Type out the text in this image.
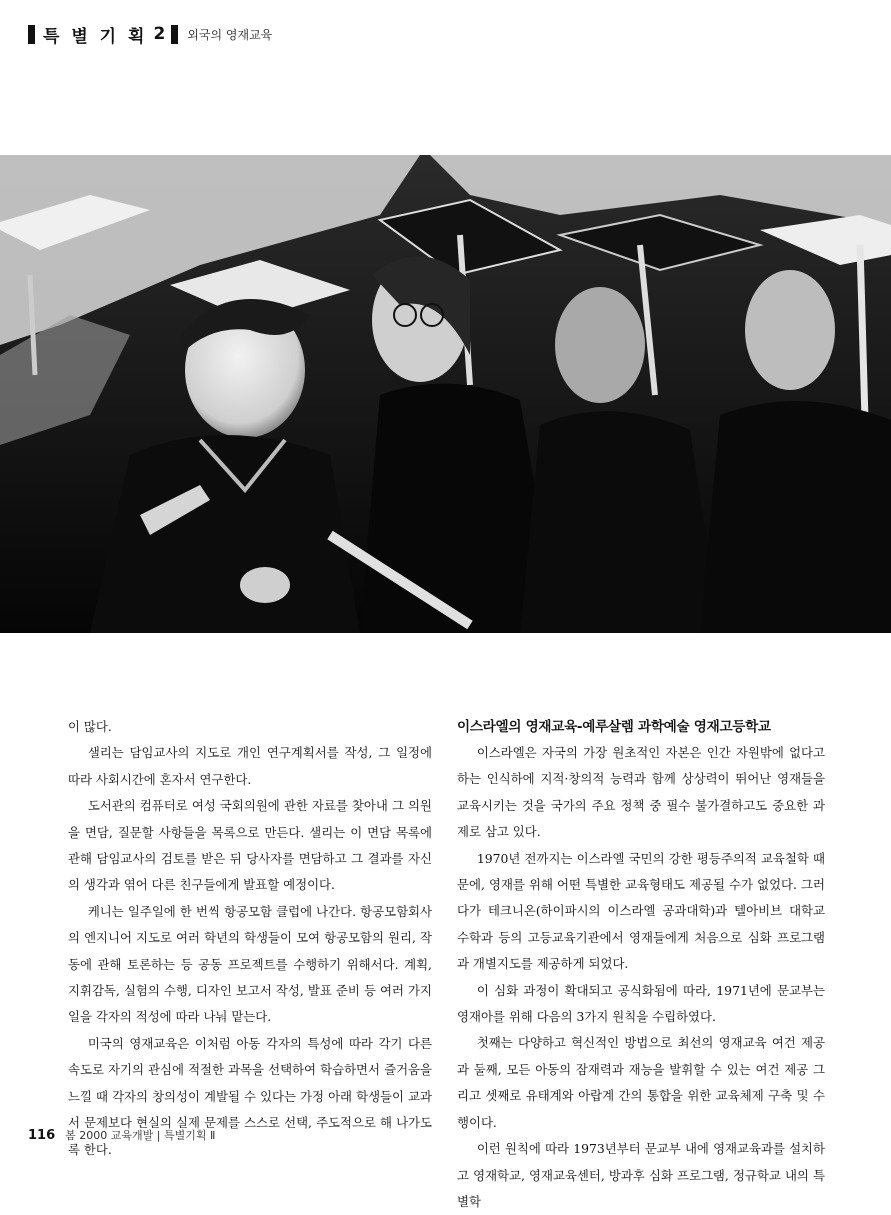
특 별 기 획 2 외국의 영재교육

이 많다.

샐리는 담임교사의 지도로 개인 연구계획서를 작성, 그 일정에 따라 사회시간에 혼자서 연구한다.

도서관의 컴퓨터로 여성 국회의원에 관한 자료를 찾아내 그 의원을 면담, 질문할 사항들을 목록으로 만든다. 샐리는 이 면담 목록에 관해 담임교사의 검토를 받은 뒤 당사자를 면담하고 그 결과를 자신의 생각과 엮어 다른 친구들에게 발표할 예정이다.

케니는 일주일에 한 번씩 항공모함 클럽에 나간다. 항공모함회사의 엔지니어 지도로 여러 학년의 학생들이 모여 항공모함의 원리, 작동에 관해 토론하는 등 공동 프로젝트를 수행하기 위해서다. 계획, 지휘감독, 실험의 수행, 디자인 보고서 작성, 발표 준비 등 여러 가지 일을 각자의 적성에 따라 나눠 맡는다.

미국의 영재교육은 이처럼 아동 각자의 특성에 따라 각기 다른 속도로 자기의 관심에 적절한 과목을 선택하여 학습하면서 즐거움을 느낄 때 각자의 창의성이 계발될 수 있다는 가정 아래 학생들이 교과서 문제보다 현실의 실제 문제를 스스로 선택, 주도적으로 해 나가도록 한다.

이스라엘의 영재교육-예루살렘 과학예술 영재고등학교

이스라엘은 자국의 가장 원초적인 자본은 인간 자원밖에 없다고 하는 인식하에 지적·창의적 능력과 함께 상상력이 뛰어난 영재들을 교육시키는 것을 국가의 주요 정책 중 필수 불가결하고도 중요한 과제로 삼고 있다.

1970년 전까지는 이스라엘 국민의 강한 평등주의적 교육철학 때문에, 영재를 위해 어떤 특별한 교육형태도 제공될 수가 없었다. 그러다가 테크니온(하이파시의 이스라엘 공과대학)과 텔아비브 대학교 수학과 등의 고등교육기관에서 영재들에게 처음으로 심화 프로그램과 개별지도를 제공하게 되었다.

이 심화 과정이 확대되고 공식화됨에 따라, 1971년에 문교부는 영재아를 위해 다음의 3가지 원칙을 수립하였다.

첫째는 다양하고 혁신적인 방법으로 최선의 영재교육 여건 제공과 둘째, 모든 아동의 잠재력과 재능을 발휘할 수 있는 여건 제공 그리고 셋째로 유태계와 아랍계 간의 통합을 위한 교육체제 구축 및 수행이다.

이런 원칙에 따라 1973년부터 문교부 내에 영재교육과를 설치하고 영재학교, 영재교육센터, 방과후 심화 프로그램, 정규학교 내의 특별학

116 봄 2000 교육개발 | 특별기획 Ⅱ
